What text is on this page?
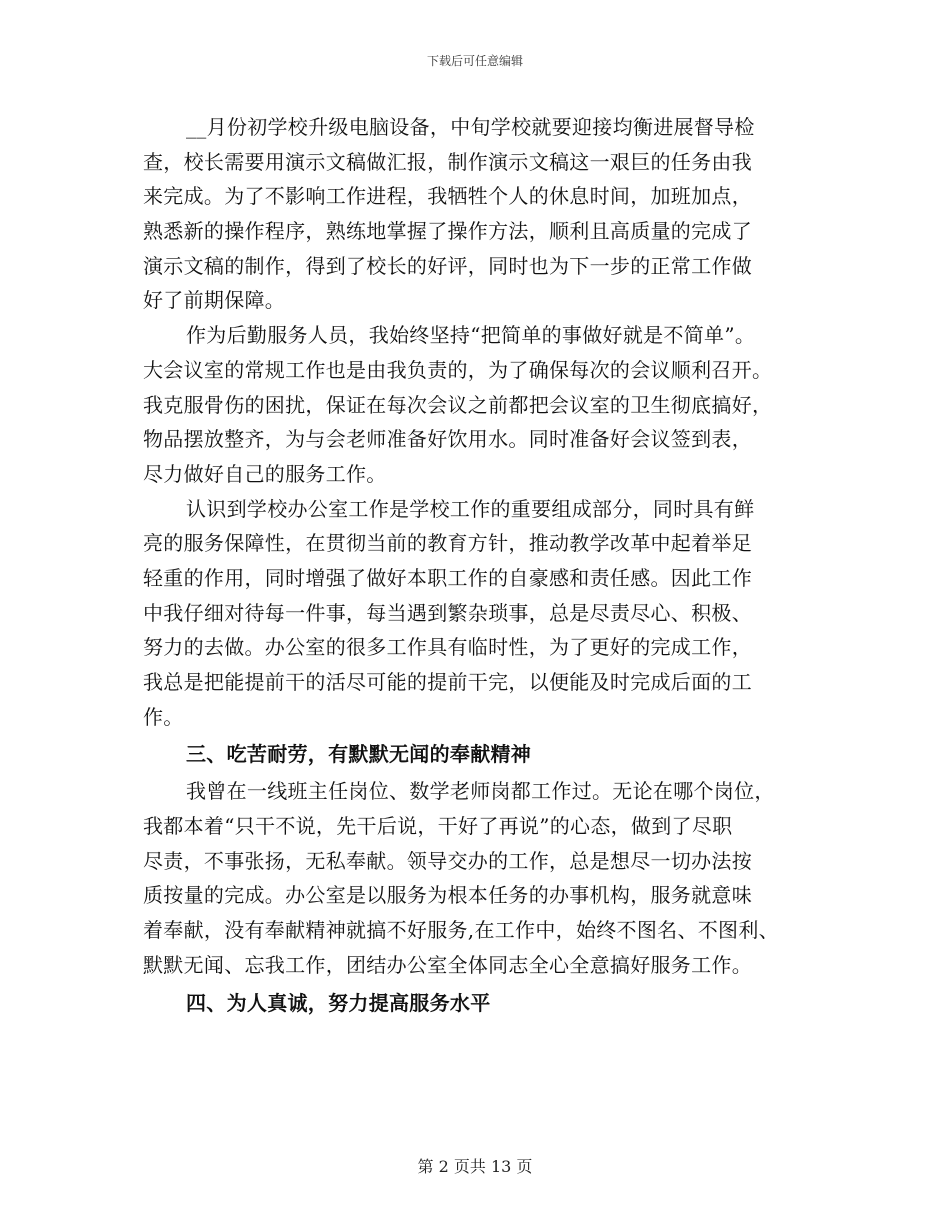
下载后可任意编辑
__月份初学校升级电脑设备，中旬学校就要迎接均衡进展督导检
查，校长需要用演示文稿做汇报，制作演示文稿这一艰巨的任务由我
来完成。为了不影响工作进程，我牺牲个人的休息时间，加班加点，
熟悉新的操作程序，熟练地掌握了操作方法，顺利且高质量的完成了
演示文稿的制作，得到了校长的好评，同时也为下一步的正常工作做
好了前期保障。
作为后勤服务人员，我始终坚持“把简单的事做好就是不简单”。
大会议室的常规工作也是由我负责的，为了确保每次的会议顺利召开。
我克服骨伤的困扰，保证在每次会议之前都把会议室的卫生彻底搞好，
物品摆放整齐，为与会老师准备好饮用水。同时准备好会议签到表，
尽力做好自己的服务工作。
认识到学校办公室工作是学校工作的重要组成部分，同时具有鲜
亮的服务保障性，在贯彻当前的教育方针，推动教学改革中起着举足
轻重的作用，同时增强了做好本职工作的自豪感和责任感。因此工作
中我仔细对待每一件事，每当遇到繁杂琐事，总是尽责尽心、积极、
努力的去做。办公室的很多工作具有临时性，为了更好的完成工作，
我总是把能提前干的活尽可能的提前干完，以便能及时完成后面的工
作。
三、吃苦耐劳，有默默无闻的奉献精神
我曾在一线班主任岗位、数学老师岗都工作过。无论在哪个岗位，
我都本着“只干不说，先干后说，干好了再说”的心态，做到了尽职
尽责，不事张扬，无私奉献。领导交办的工作，总是想尽一切办法按
质按量的完成。办公室是以服务为根本任务的办事机构，服务就意味
着奉献，没有奉献精神就搞不好服务,在工作中，始终不图名、不图利、
默默无闻、忘我工作，团结办公室全体同志全心全意搞好服务工作。
四、为人真诚，努力提高服务水平
第 2 页共 13 页
